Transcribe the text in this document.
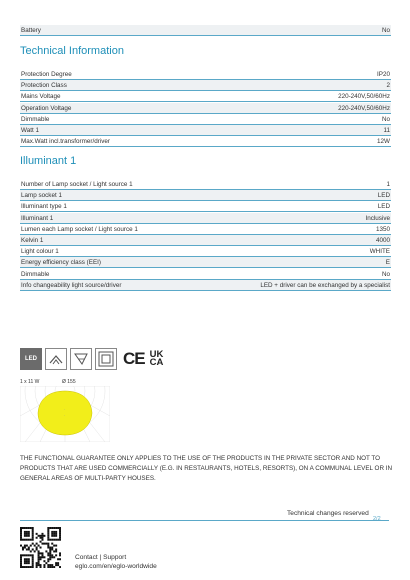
Battery	No
Technical Information
Protection Degree	IP20
Protection Class	2
Mains Voltage	220-240V,50/60Hz
Operation Voltage	220-240V,50/60Hz
Dimmable	No
Watt 1	11
Max.Watt incl.transformer/driver	12W
Illuminant 1
Number of Lamp socket / Light source 1	1
Lamp socket 1	LED
Illuminant type 1	LED
Illuminant 1	Inclusive
Lumen each Lamp socket / Light source 1	1350
Kelvin 1	4000
Light colour 1	WHITE
Energy efficiency class (EEI)	E
Dimmable	No
Info changeability light source/driver	LED + driver can be exchanged by a specialist
LED	CE UK
CA
1 x 11 W	Ø 155
•
•
THE FUNCTIONAL GUARANTEE ONLY APPLIES TO THE USE OF THE PRODUCTS IN THE PRIVATE SECTOR AND NOT TO PRODUCTS THAT ARE USED COMMERCIALLY (E.G. IN RESTAURANTS, HOTELS, RESORTS), ON A COMMUNAL LEVEL OR IN GENERAL AREAS OF MULTI-PARTY HOUSES.
Technical changes reserved
2/2
Contact | Support
eglo.com/en/eglo-worldwide
